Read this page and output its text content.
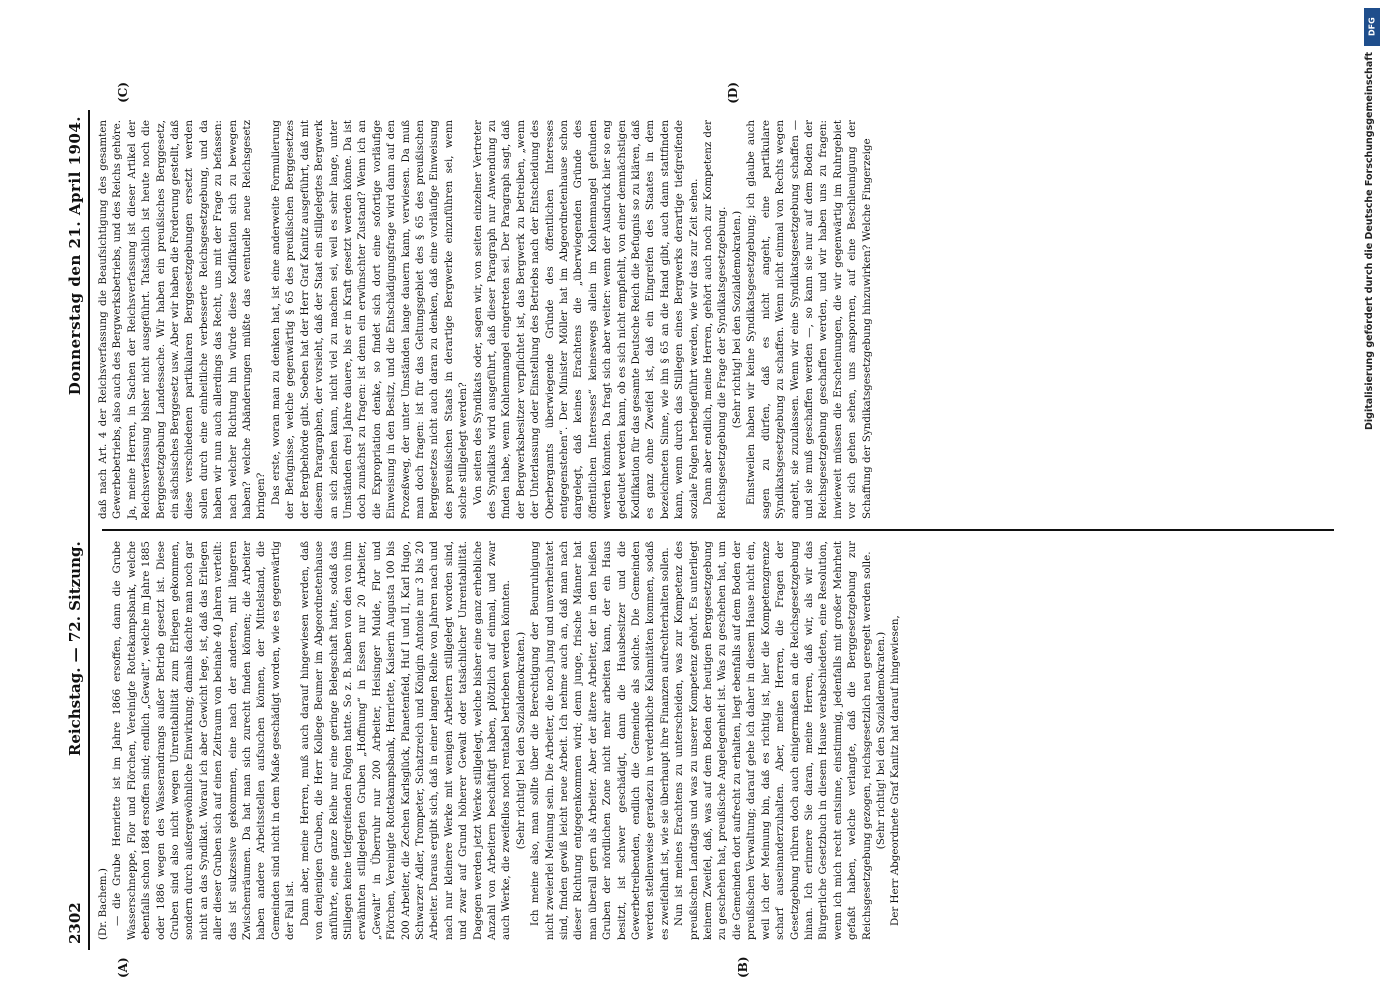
2302
Reichstag. — 72. Sitzung.
Donnerstag den 21. April 1904.
(A)	(B)

(Dr. Bachem.) — die Grube Henriette ist im Jahre 1866 ersoffen, dann die Grube Wasserschneppe, Flor und Flörchen, Vereinigte Rottekampsbank, welche ebenfalls schon 1884 ersoffen sind; endlich „Gewalt“, welche im Jahre 1885 oder 1886 wegen des Wasserandrangs außer Betrieb gesetzt ist. Diese Gruben sind also nicht wegen Unrentabilität zum Erliegen gekommen, sondern durch außergewöhnliche Einwirkung; damals dachte man noch gar nicht an das Syndikat. Worauf ich aber Gewicht lege, ist, daß das Erliegen aller dieser Gruben sich auf einen Zeitraum von beinahe 40 Jahren verteilt: das ist sukzessive gekommen, eine nach der anderen, mit längeren Zwischenräumen. Da hat man sich zurecht finden können; die Arbeiter haben andere Arbeitsstellen aufsuchen können, der Mittelstand, die Gemeinden sind nicht in dem Maße geschädigt worden, wie es gegenwärtig der Fall ist. Dann aber, meine Herren, muß auch darauf hingewiesen werden, daß von denjenigen Gruben, die Herr Kollege Beumer im Abgeordnetenhause anführte, eine ganze Reihe nur eine geringe Belegschaft hatte, sodaß das Stillegen keine tiefgreifenden Folgen hatte. So z. B. haben von den von ihm erwähnten stillgelegten Gruben „Hoffnung“ in Essen nur 20 Arbeiter, „Gewalt“ in Überruhr nur 200 Arbeiter, Heisinger Mulde, Flor und Flörchen, Vereinigte Rottekampsbank, Henriette, Kaiserin Augusta 100 bis 200 Arbeiter, die Zechen Karlsglück, Planetenfeld, Huf I und II, Karl Hugo, Schwarzer Adler, Trompeter, Schatzreich und Königin Antonie nur 3 bis 20 Arbeiter. Daraus ergibt sich, daß in einer langen Reihe von Jahren nach und nach nur kleinere Werke mit wenigen Arbeitern stillgelegt worden sind, und zwar auf Grund höherer Gewalt oder tatsächlicher Unrentabilität. Dagegen werden jetzt Werke stillgelegt, welche bisher eine ganz erhebliche Anzahl von Arbeitern beschäftigt haben, plötzlich auf einmal, und zwar auch Werke, die zweifellos noch rentabel betrieben werden könnten. (Sehr richtig! bei den Sozialdemokraten.) Ich meine also, man sollte über die Berechtigung der Beunruhigung nicht zweierlei Meinung sein. Die Arbeiter, die noch jung und unverheiratet sind, finden gewiß leicht neue Arbeit. Ich nehme auch an, daß man nach dieser Richtung entgegenkommen wird; denn junge, frische Männer hat man überall gern als Arbeiter. Aber der ältere Arbeiter, der in den heißen Gruben der nördlichen Zone nicht mehr arbeiten kann, der ein Haus besitzt, ist schwer geschädigt, dann die Hausbesitzer und die Gewerbetreibenden, endlich die Gemeinde als solche. Die Gemeinden werden stellenweise geradezu in verderbliche Kalamitäten kommen, sodaß es zweifelhaft ist, wie sie überhaupt ihre Finanzen aufrechterhalten sollen. Nun ist meines Erachtens zu unterscheiden, was zur Kompetenz des preußischen Landtags und was zu unserer Kompetenz gehört. Es unterliegt keinem Zweifel, daß, was auf dem Boden der heutigen Berggesetzgebung zu geschehen hat, preußische Angelegenheit ist. Was zu geschehen hat, um die Gemeinden dort aufrecht zu erhalten, liegt ebenfalls auf dem Boden der preußischen Verwaltung; darauf gehe ich daher in diesem Hause nicht ein, weil ich der Meinung bin, daß es richtig ist, hier die Kompetenzgrenze scharf auseinanderzuhalten. Aber, meine Herren, die Fragen der Gesetzgebung rühren doch auch einigermaßen an die Reichsgesetzgebung hinan. Ich erinnere Sie daran, meine Herren, daß wir, als wir das Bürgerliche Gesetzbuch in diesem Hause verabschiedeten, eine Resolution, wenn ich mich recht entsinne, einstimmig, jedenfalls mit großer Mehrheit gefaßt haben, welche verlangte, daß die Berggesetzgebung zur Reichsgesetzgebung gezogen, reichsgesetzlich neu geregelt werden solle. (Sehr richtig! bei den Sozialdemokraten.) Der Herr Abgeordnete Graf Kanitz hat darauf hingewiesen,

(C)	(D)

daß nach Art. 4 der Reichsverfassung die Beaufsichtigung des gesamten Gewerbebetriebs, also auch des Bergwerksbetriebs, und des Reichs gehöre. Ja, meine Herren, in Sachen der Reichsverfassung ist dieser Artikel der Reichsverfassung bisher nicht ausgeführt. Tatsächlich ist heute noch die Berggesetzgebung Landessache. Wir haben ein preußisches Berggesetz, ein sächsisches Berggesetz usw. Aber wir haben die Forderung gestellt, daß diese verschiedenen partikularen Berggesetzgebungen ersetzt werden sollen durch eine einheitliche verbesserte Reichsgesetzgebung, und da haben wir nun auch allerdings das Recht, uns mit der Frage zu befassen: nach welcher Richtung hin würde diese Kodifikation sich zu bewegen haben? welche Abänderungen müßte das eventuelle neue Reichsgesetz bringen? Das erste, woran man zu denken hat, ist eine anderweite Formulierung der Befugnisse, welche gegenwärtig § 65 des preußischen Berggesetzes der Bergbehörde gibt. Soeben hat der Herr Graf Kanitz ausgeführt, daß mit diesem Paragraphen, der vorsieht, daß der Staat ein stillgelegtes Bergwerk an sich ziehen kann, nicht viel zu machen sei, weil es sehr lange, unter Umständen drei Jahre dauere, bis er in Kraft gesetzt werden könne. Da ist doch zunächst zu fragen: ist denn ein erwünschter Zustand? Wenn ich an die Expropriation denke, so findet sich dort eine sofortige vorläufige Einweisung in den Besitz, und die Entschädigungsfrage wird dann auf den Prozeßweg, der unter Umständen lange dauern kann, verwiesen. Da muß man doch fragen: ist für das Geltungsgebiet des § 65 des preußischen Berggesetzes nicht auch daran zu denken, daß eine vorläufige Einweisung des preußischen Staats in derartige Bergwerke einzuführen sei, wenn solche stillgelegt werden? Von seiten des Syndikats oder, sagen wir, von seiten einzelner Vertreter des Syndikats wird ausgeführt, daß dieser Paragraph nur Anwendung zu finden habe, wenn Kohlenmangel eingetreten sei. Der Paragraph sagt, daß der Bergwerksbesitzer verpflichtet ist, das Bergwerk zu betreiben, „wenn der Unterlassung oder Einstellung des Betriebs nach der Entscheidung des Oberbergamts überwiegende Gründe des öffentlichen Interesses entgegenstehen“. Der Minister Möller hat im Abgeordnetenhause schon dargelegt, daß keines Erachtens die „überwiegenden Gründe des öffentlichen Interesses“ keineswegs allein im Kohlenmangel gefunden werden könnten. Da fragt sich aber weiter: wenn der Ausdruck hier so eng gedeutet werden kann, ob es sich nicht empfiehlt, von einer demnächstigen Kodifikation für das gesamte Deutsche Reich die Befugnis so zu klären, daß es ganz ohne Zweifel ist, daß ein Eingreifen des Staates in dem bezeichneten Sinne, wie ihn § 65 an die Hand gibt, auch dann stattfinden kann, wenn durch das Stillegen eines Bergwerks derartige tiefgreifende soziale Folgen herbeigeführt werden, wie wir das zur Zeit sehen. Dann aber endlich, meine Herren, gehört auch noch zur Kompetenz der Reichsgesetzgebung die Frage der Syndikatsgesetzgebung. (Sehr richtig! bei den Sozialdemokraten.) Einstweilen haben wir keine Syndikatsgesetzgebung; ich glaube auch sagen zu dürfen, daß es nicht angeht, eine partikulare Syndikatsgesetzgebung zu schaffen. Wenn nicht einmal von Rechts wegen angeht, sie zuzulassen. Wenn wir eine Syndikatsgesetzgebung schaffen — und sie muß geschaffen werden —, so kann sie nur auf dem Boden der Reichsgesetzgebung geschaffen werden, und wir haben uns zu fragen: inwieweit müssen die Erscheinungen, die wir gegenwärtig im Ruhrgebiet vor sich gehen sehen, uns anspornen, auf eine Beschleunigung der Schaffung der Syndikatsgesetzgebung hinzuwirken? Welche Fingerzeige

DFG
Digitalisierung gefördert durch die Deutsche Forschungsgemeinschaft
